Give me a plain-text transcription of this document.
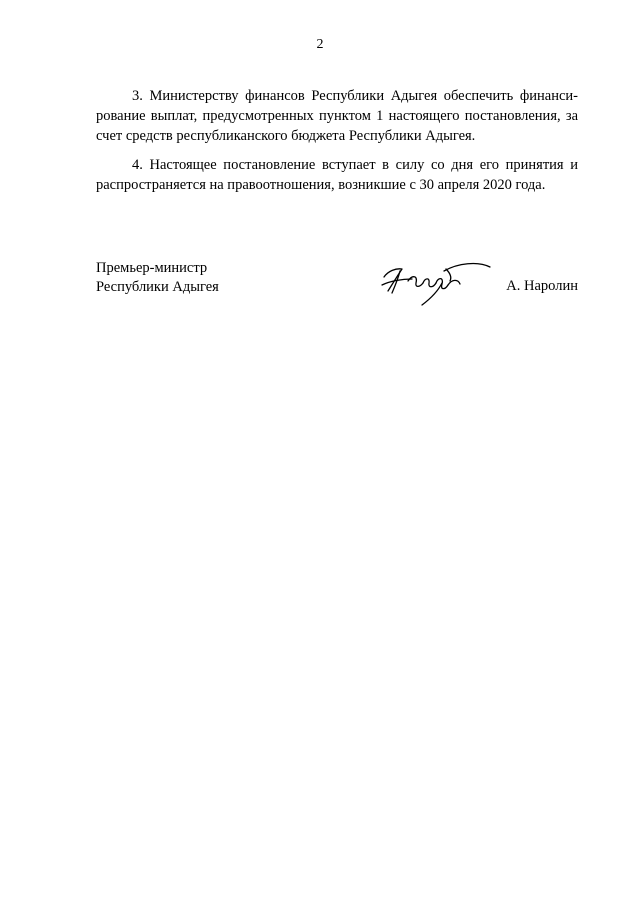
2

3. Министерству финансов Республики Адыгея обеспечить финанси-рование выплат, предусмотренных пунктом 1 настоящего постановления, за счет средств республиканского бюджета Республики Адыгея.

4. Настоящее постановление вступает в силу со дня его принятия и распространяется на правоотношения, возникшие с 30 апреля 2020 года.

Премьер-министр
Республики Адыгея	А. Наролин
